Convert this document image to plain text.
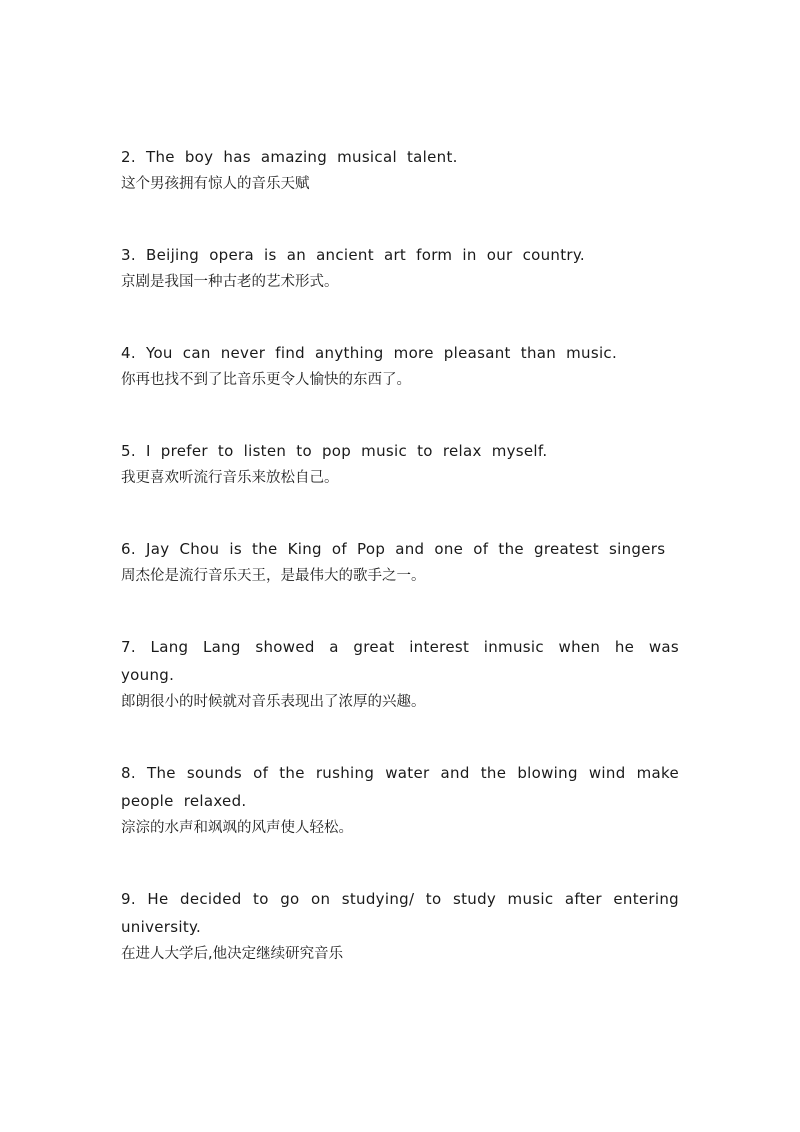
2. The boy has amazing musical talent.

这个男孩拥有惊人的音乐天赋

3. Beijing opera is an ancient art form in our country.

京剧是我国一种古老的艺术形式。

4. You can never find anything more pleasant than music.

你再也找不到了比音乐更令人愉快的东西了。

5. I prefer to listen to pop music to relax myself.

我更喜欢听流行音乐来放松自己。

6. Jay Chou is the King of Pop and one of the greatest singers

周杰伦是流行音乐天王，是最伟大的歌手之一。

7. Lang Lang showed a great interest inmusic when he was young.

郎朗很小的时候就对音乐表现出了浓厚的兴趣。

8. The sounds of the rushing water and the blowing wind make people relaxed.

淙淙的水声和飒飒的风声使人轻松。

9. He decided to go on studying/ to study music after entering university.

在进人大学后,他决定继续研究音乐
